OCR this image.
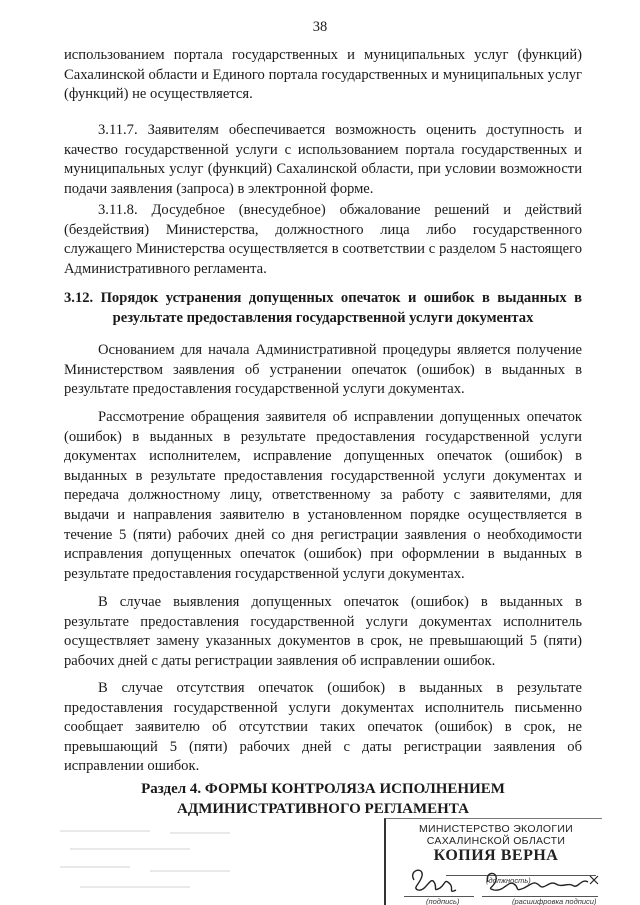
38

использованием портала государственных и муниципальных услуг (функций) Сахалинской области и Единого портала государственных и муниципальных услуг (функций) не осуществляется.

3.11.7. Заявителям обеспечивается возможность оценить доступность и качество государственной услуги с использованием портала государственных и муниципальных услуг (функций) Сахалинской области, при условии возможности подачи заявления (запроса) в электронной форме.

3.11.8. Досудебное (внесудебное) обжалование решений и действий (бездействия) Министерства, должностного лица либо государственного служащего Министерства осуществляется в соответствии с разделом 5 настоящего Административного регламента.

3.12. Порядок устранения допущенных опечаток и ошибок в выданных в
результате предоставления государственной услуги документах

Основанием для начала Административной процедуры является получение Министерством заявления об устранении опечаток (ошибок) в выданных в результате предоставления государственной услуги документах.

Рассмотрение обращения заявителя об исправлении допущенных опечаток (ошибок) в выданных в результате предоставления государственной услуги документах исполнителем, исправление допущенных опечаток (ошибок) в выданных в результате предоставления государственной услуги документах и передача должностному лицу, ответственному за работу с заявителями, для выдачи и направления заявителю в установленном порядке осуществляется в течение 5 (пяти) рабочих дней со дня регистрации заявления о необходимости исправления допущенных опечаток (ошибок) при оформлении в выданных в результате предоставления государственной услуги документах.

В случае выявления допущенных опечаток (ошибок) в выданных в результате предоставления государственной услуги документах исполнитель осуществляет замену указанных документов в срок, не превышающий 5 (пяти) рабочих дней с даты регистрации заявления об исправлении ошибок.

В случае отсутствия опечаток (ошибок) в выданных в результате предоставления государственной услуги документах исполнитель письменно сообщает заявителю об отсутствии таких опечаток (ошибок) в срок, не превышающий 5 (пяти) рабочих дней с даты регистрации заявления об исправлении ошибок.

Раздел 4. ФОРМЫ КОНТРОЛЯЗА ИСПОЛНЕНИЕМ
АДМИНИСТРАТИВНОГО РЕГЛАМЕНТА
МИНИСТЕРСТВО ЭКОЛОГИИ
САХАЛИНСКОЙ ОБЛАСТИ
КОПИЯ ВЕРНА
(должность)
(подпись)	(расшифровка подписи)
